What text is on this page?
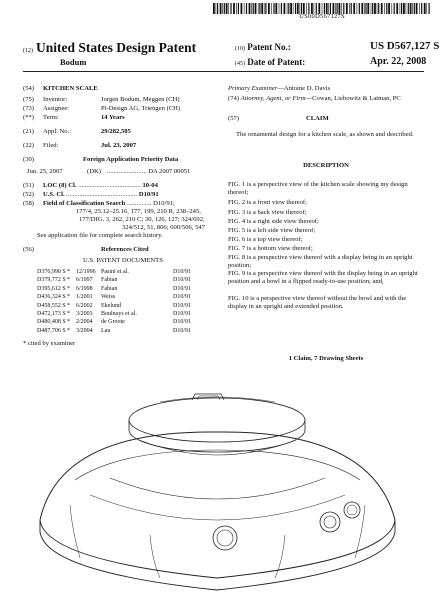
US00D567127S
(12) United States Design Patent
Bodum
(10) Patent No.:	US D567,127 S
(45) Date of Patent:	Apr. 22, 2008
(54) KITCHEN SCALE
(75) Inventor:	Jorgen Bodum, Meggen (CH)
(73) Assignee:	Pi-Design AG, Triengen (CH)
(**) Term:	14 Years
(21) Appl. No.:	29/282,505
(22) Filed:	Jul. 23, 2007
(30)	Foreign Application Priority Data
Jun. 25, 2007	(DK) ........................ DA 2007 00051
(51) LOC (8) Cl. ...................................... 10-04
(52) U.S. Cl. ........................................... D10/91
(58) Field of Classification Search ............... D10/91;
177/4, 25.12–25.16, 177, 199, 210 R, 238–245,
177/DIG. 3, 262, 210 C; 30, 126, 127; 324/692,
324/512, 51, 806; 600/506, 547
See application file for complete search history.
(56)	References Cited
U.S. PATENT DOCUMENTS
D376,990 S* 12/1996 Pasini et al.	D10/91
D379,772 S* 6/1997 Fabian	D10/91
D395,612 S* 6/1998 Fabian	D10/91
D436,324 S* 1/2001 Weiss	D10/91
D458,552 S* 6/2002 Ekelund	D10/91
D472,173 S* 3/2003 Boulnays et al.	D10/91
D480,408 S* 2/2004 de Groote	D10/91
D487,706 S* 3/2004 Lau	D10/91
* cited by examiner
Primary Examiner—Antoine D. Davis
(74) Attorney, Agent, or Firm—Cowan, Liebowitz & Latman, PC
(57)	CLAIM
The ornamental design for a kitchen scale, as shown and described.
DESCRIPTION
FIG. 1 is a perspective view of the kitchen scale showing my design thereof;
FIG. 2 is a front view thereof;
FIG. 3 is a back view thereof;
FIG. 4 is a right side view thereof;
FIG. 5 is a left side view thereof;
FIG. 6 is a top view thereof;
FIG. 7 is a bottom view thereof;
FIG. 8 is a perspective view thereof with a display being in an upright position;
FIG. 9 is a perspective view thereof with the display being in an upright position and a bowl in a flipped ready-to-use position; and,
FIG. 10 is a perspective view thereof without the bowl and with the display in an upright and extended position.
1 Claim, 7 Drawing Sheets
